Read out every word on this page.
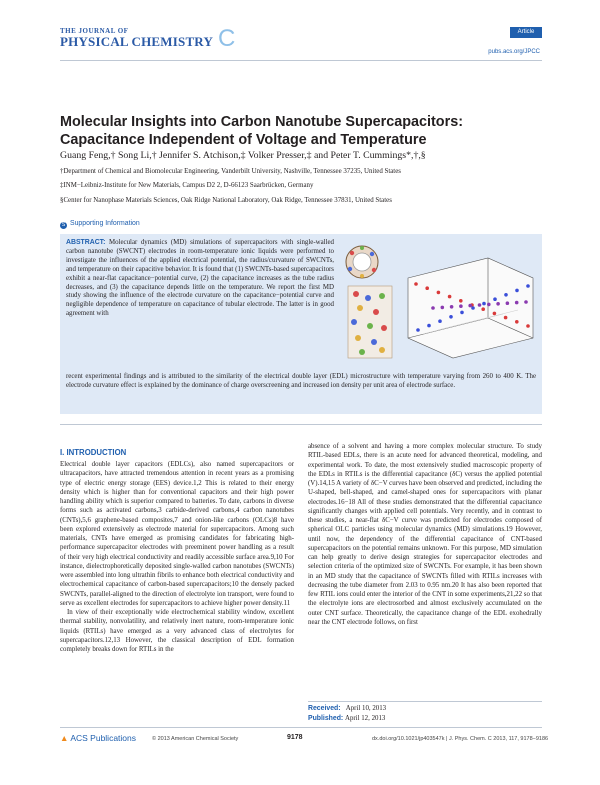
THE JOURNAL OF
PHYSICAL CHEMISTRY C	Article
pubs.acs.org/JPCC
Molecular Insights into Carbon Nanotube Supercapacitors: Capacitance Independent of Voltage and Temperature
Guang Feng,† Song Li,† Jennifer S. Atchison,‡ Volker Presser,‡ and Peter T. Cummings*,†,§
†Department of Chemical and Biomolecular Engineering, Vanderbilt University, Nashville, Tennessee 37235, United States
‡INM−Leibniz-Institute for New Materials, Campus D2 2, D-66123 Saarbrücken, Germany
§Center for Nanophase Materials Sciences, Oak Ridge National Laboratory, Oak Ridge, Tennessee 37831, United States
S Supporting Information
ABSTRACT: Molecular dynamics (MD) simulations of supercapacitors with single-walled carbon nanotube (SWCNT) electrodes in room-temperature ionic liquids were performed to investigate the influences of the applied electrical potential, the radius/curvature of SWCNTs, and temperature on their capacitive behavior. It is found that (1) SWCNTs-based supercapacitors exhibit a near-flat capacitance−potential curve, (2) the capacitance increases as the tube radius decreases, and (3) the capacitance depends little on the temperature. We report the first MD study showing the influence of the electrode curvature on the capacitance−potential curve and negligible dependence of temperature on capacitance of tubular electrode. The latter is in good agreement with
recent experimental findings and is attributed to the similarity of the electrical double layer (EDL) microstructure with temperature varying from 260 to 400 K. The electrode curvature effect is explained by the dominance of charge overscreening and increased ion density per unit area of electrode surface.
I. INTRODUCTION

Electrical double layer capacitors (EDLCs), also named supercapacitors or ultracapacitors, have attracted tremendous attention in recent years as a promising type of electric energy storage (EES) device.1,2 This is related to their energy density which is higher than for conventional capacitors and their high power handling ability which is superior compared to batteries. To date, carbons in diverse forms such as activated carbons,3 carbide-derived carbons,4 carbon nanotubes (CNTs),5,6 graphene-based composites,7 and onion-like carbons (OLCs)8 have been explored extensively as electrode material for supercapacitors. Among such materials, CNTs have emerged as promising candidates for fabricating high-performance supercapacitor electrodes with preeminent power handling as a result of their very high electrical conductivity and readily accessible surface area.9,10 For instance, dielectrophoretically deposited single-walled carbon nanotubes (SWCNTs) were assembled into long ultrathin fibrils to enhance both electrical conductivity and electrochemical capacitance of carbon-based supercapacitors;10 the densely packed SWCNTs, parallel-aligned to the direction of electrolyte ion transport, were found to serve as excellent electrodes for supercapacitors to achieve higher power density.11

In view of their exceptionally wide electrochemical stability window, excellent thermal stability, nonvolatility, and relatively inert nature, room-temperature ionic liquids (RTILs) have emerged as a very advanced class of electrolytes for supercapacitors.12,13 However, the classical description of EDL formation completely breaks down for RTILs in the

absence of a solvent and having a more complex molecular structure. To study RTIL-based EDLs, there is an acute need for advanced theoretical, modeling, and experimental work. To date, the most extensively studied macroscopic property of the EDLs in RTILs is the differential capacitance (δC) versus the applied potential (V).14,15 A variety of δC−V curves have been observed and predicted, including the U-shaped, bell-shaped, and camel-shaped ones for supercapacitors with planar electrodes.16−18 All of these studies demonstrated that the differential capacitance significantly changes with applied cell potentials. Very recently, and in contrast to these studies, a near-flat δC−V curve was predicted for electrodes composed of spherical OLC particles using molecular dynamics (MD) simulations.19 However, until now, the dependency of the differential capacitance of CNT-based supercapacitors on the potential remains unknown. For this purpose, MD simulation can help greatly to derive design strategies for supercapacitor electrodes and selection criteria of the optimized size of SWCNTs. For example, it has been shown in an MD study that the capacitance of SWCNTs filled with RTILs increases with decreasing the tube diameter from 2.03 to 0.95 nm.20 It has also been reported that few RTIL ions could enter the interior of the CNT in some experiments,21,22 so that the electrolyte ions are electrosorbed and almost exclusively accumulated on the outer CNT surface. Theoretically, the capacitance change of the EDL exohedrally near the CNT electrode follows, on first

Received: April 10, 2013
Published: April 12, 2013
▲ ACS Publications	© 2013 American Chemical Society	9178	dx.doi.org/10.1021/jp403547k | J. Phys. Chem. C 2013, 117, 9178−9186
